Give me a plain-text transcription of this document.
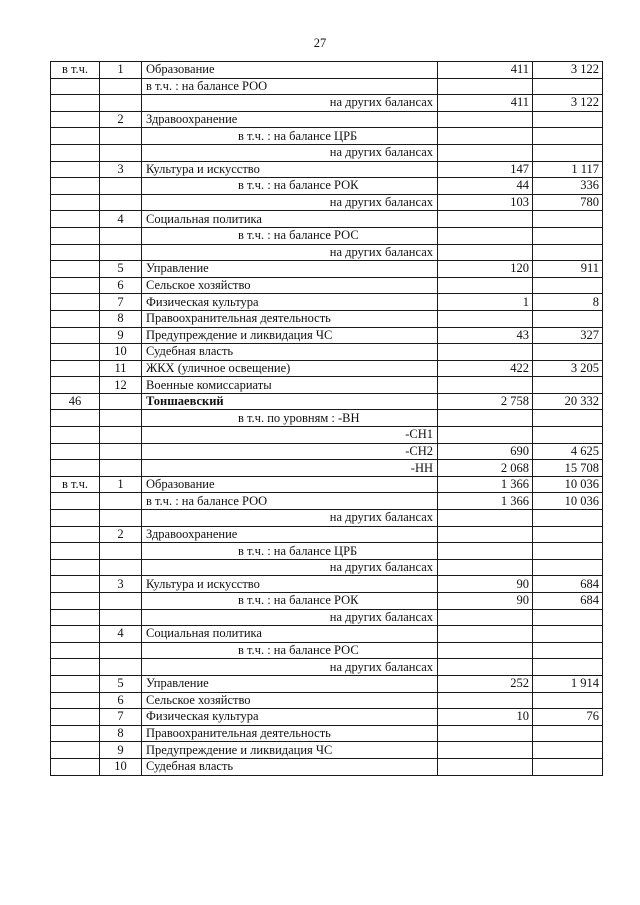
27
в т.ч.	1	Образование	411	3 122
		в т.ч. : на балансе РОО		
		на других балансах	411	3 122
	2	Здравоохранение		
		в т.ч. : на балансе ЦРБ		
		на других балансах		
	3	Культура и искусство	147	1 117
		в т.ч. : на балансе РОК	44	336
		на других балансах	103	780
	4	Социальная политика		
		в т.ч. : на балансе РОС		
		на других балансах		
	5	Управление	120	911
	6	Сельское хозяйство		
	7	Физическая культура	1	8
	8	Правоохранительная деятельность		
	9	Предупреждение и ликвидация ЧС	43	327
	10	Судебная власть		
	11	ЖКХ (уличное освещение)	422	3 205
	12	Военные комиссариаты		
46		Тоншаевский	2 758	20 332
		в т.ч. по уровням : -ВН		
		-СН1		
		-СН2	690	4 625
		-НН	2 068	15 708
в т.ч.	1	Образование	1 366	10 036
		в т.ч. : на балансе РОО	1 366	10 036
		на других балансах		
	2	Здравоохранение		
		в т.ч. : на балансе ЦРБ		
		на других балансах		
	3	Культура и искусство	90	684
		в т.ч. : на балансе РОК	90	684
		на других балансах		
	4	Социальная политика		
		в т.ч. : на балансе РОС		
		на других балансах		
	5	Управление	252	1 914
	6	Сельское хозяйство		
	7	Физическая культура	10	76
	8	Правоохранительная деятельность		
	9	Предупреждение и ликвидация ЧС		
	10	Судебная власть		
